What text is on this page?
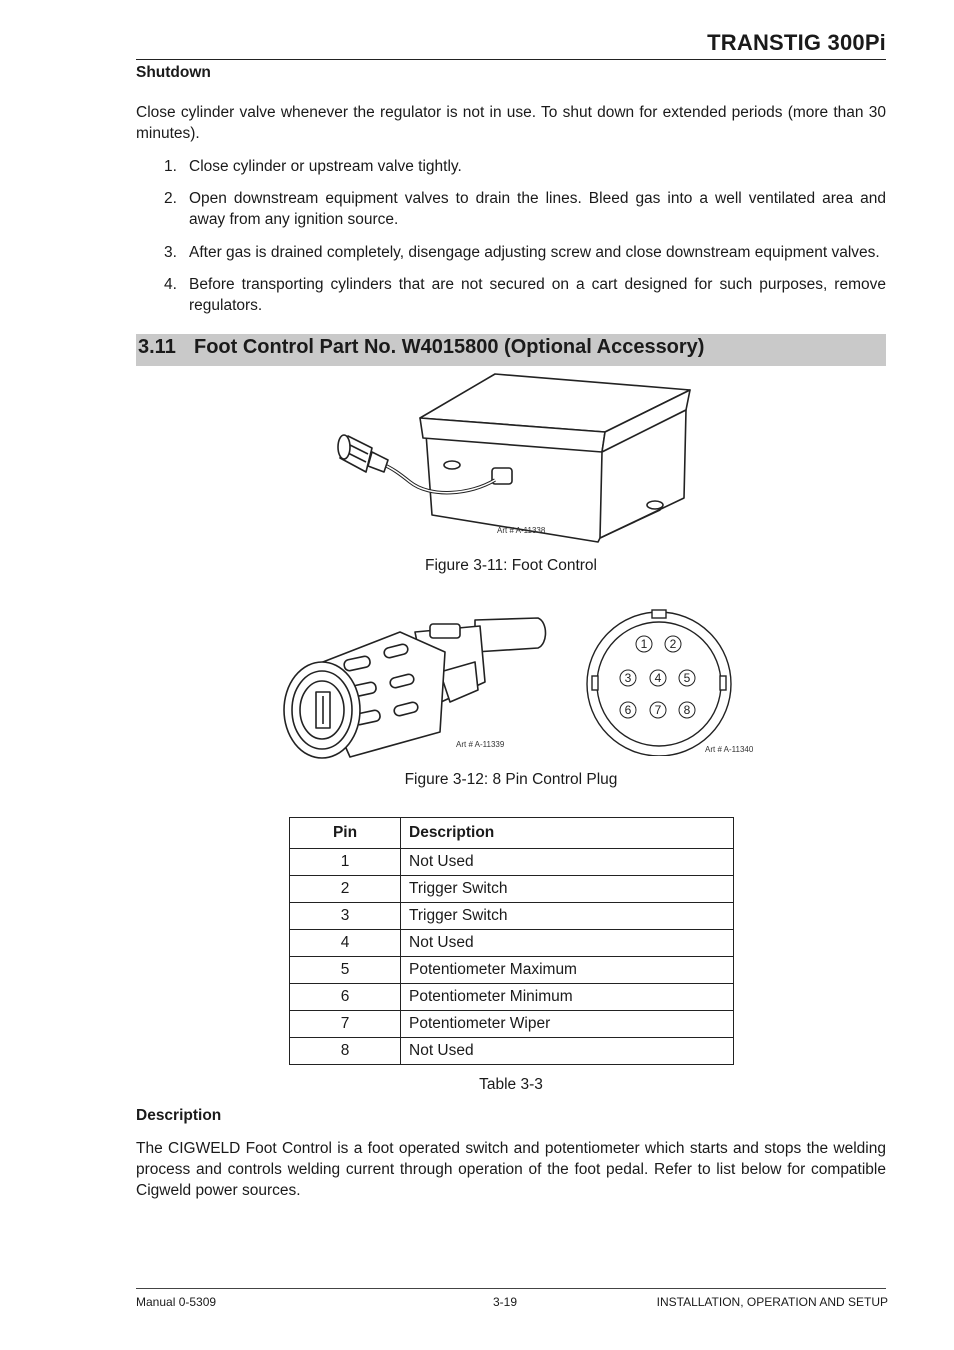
TRANSTIG 300Pi
Shutdown
Close cylinder valve whenever the regulator is not in use. To shut down for extended periods (more than 30 minutes).
1. Close cylinder or upstream valve tightly.
2. Open downstream equipment valves to drain the lines. Bleed gas into a well ventilated area and away from any ignition source.
3. After gas is drained completely, disengage adjusting screw and close downstream equipment valves.
4. Before transporting cylinders that are not secured on a cart designed for such purposes, remove regulators.
3.11 Foot Control Part No. W4015800 (Optional Accessory)
Art # A-11338
Figure 3-11: Foot Control
Art # A-11339
1 2
3 4 5
6 7 8
Art # A-11340
Figure 3-12: 8 Pin Control Plug
Pin	Description
1	Not Used
2	Trigger Switch
3	Trigger Switch
4	Not Used
5	Potentiometer Maximum
6	Potentiometer Minimum
7	Potentiometer Wiper
8	Not Used
Table 3-3
Description
The CIGWELD Foot Control is a foot operated switch and potentiometer which starts and stops the welding process and controls welding current through operation of the foot pedal. Refer to list below for compatible Cigweld power sources.
Manual 0-5309	3-19	INSTALLATION, OPERATION AND SETUP
